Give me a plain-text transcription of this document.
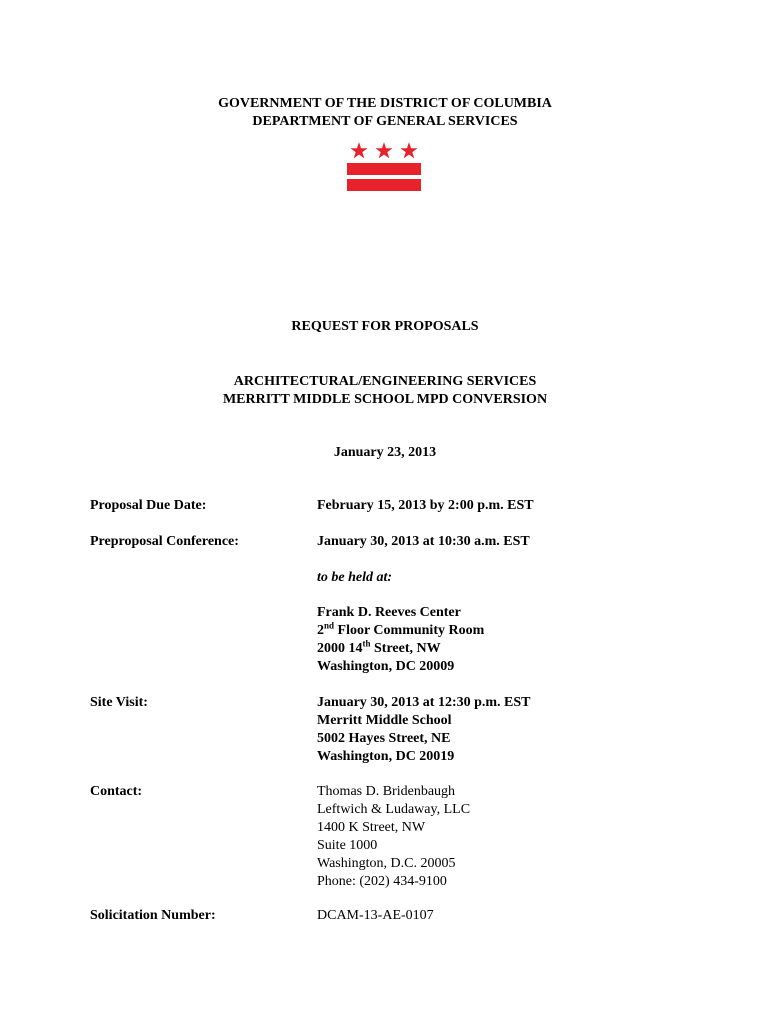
GOVERNMENT OF THE DISTRICT OF COLUMBIA
DEPARTMENT OF GENERAL SERVICES
REQUEST FOR PROPOSALS
ARCHITECTURAL/ENGINEERING SERVICES
MERRITT MIDDLE SCHOOL MPD CONVERSION
January 23, 2013
Proposal Due Date:	February 15, 2013 by 2:00 p.m. EST
Preproposal Conference:	January 30, 2013 at 10:30 a.m. EST
to be held at:
Frank D. Reeves Center
2nd Floor Community Room
2000 14th Street, NW
Washington, DC 20009
Site Visit:	January 30, 2013 at 12:30 p.m. EST
Merritt Middle School
5002 Hayes Street, NE
Washington, DC 20019
Contact:	Thomas D. Bridenbaugh
Leftwich & Ludaway, LLC
1400 K Street, NW
Suite 1000
Washington, D.C. 20005
Phone: (202) 434-9100
Solicitation Number:	DCAM-13-AE-0107
